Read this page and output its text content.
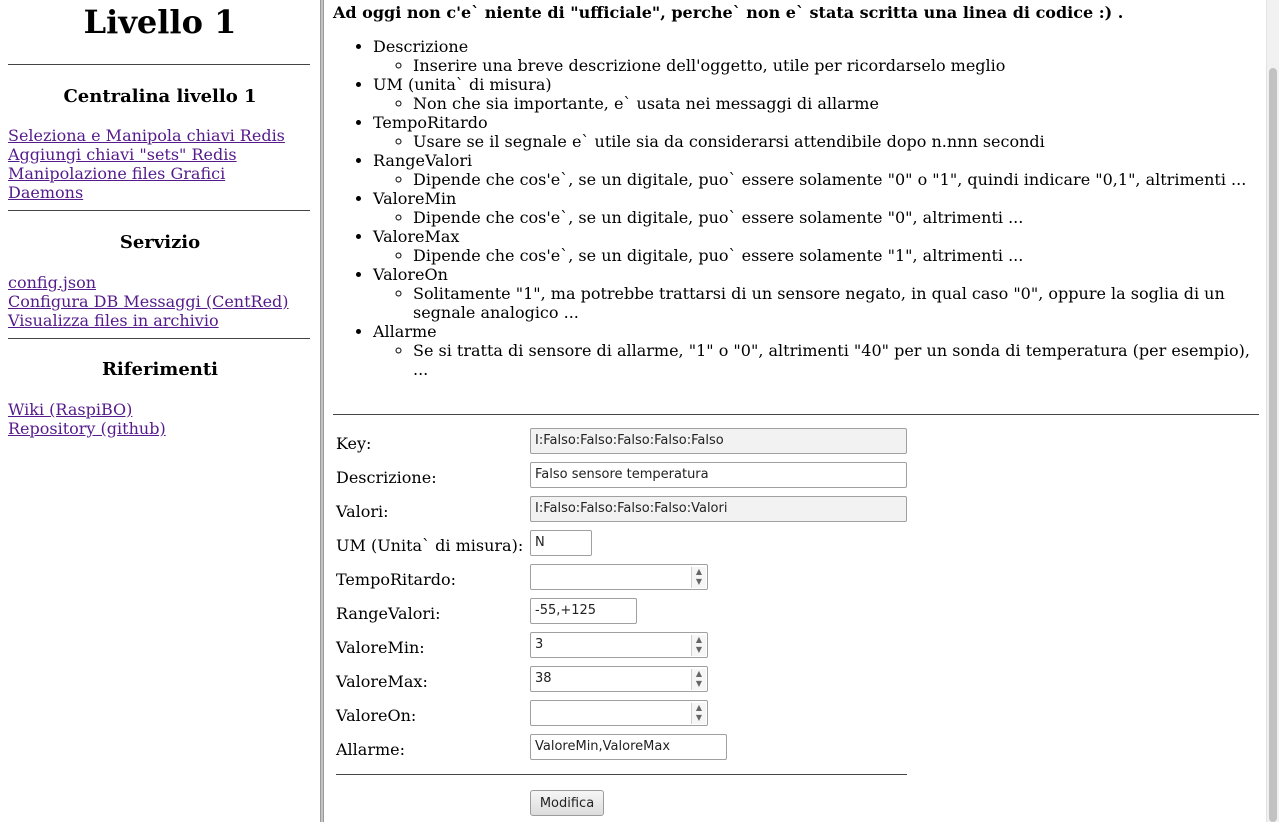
Livello 1
Centralina livello 1
Seleziona e Manipola chiavi Redis
Aggiungi chiavi "sets" Redis
Manipolazione files Grafici
Daemons
Servizio
config.json
Configura DB Messaggi (CentRed)
Visualizza files in archivio
Riferimenti
Wiki (RaspiBO)
Repository (github)

Ad oggi non c'e` niente di "ufficiale", perche` non e` stata scritta una linea di codice :) .

• Descrizione
◦ Inserire una breve descrizione dell'oggetto, utile per ricordarselo meglio
• UM (unita` di misura)
◦ Non che sia importante, e` usata nei messaggi di allarme
• TempoRitardo
◦ Usare se il segnale e` utile sia da considerarsi attendibile dopo n.nnn secondi
• RangeValori
◦ Dipende che cos'e`, se un digitale, puo` essere solamente "0" o "1", quindi indicare "0,1", altrimenti ...
• ValoreMin
◦ Dipende che cos'e`, se un digitale, puo` essere solamente "0", altrimenti ...
• ValoreMax
◦ Dipende che cos'e`, se un digitale, puo` essere solamente "1", altrimenti ...
• ValoreOn
◦ Solitamente "1", ma potrebbe trattarsi di un sensore negato, in qual caso "0", oppure la soglia di un segnale analogico ...
• Allarme
◦ Se si tratta di sensore di allarme, "1" o "0", altrimenti "40" per un sonda di temperatura (per esempio), ...
Key:	I:Falso:Falso:Falso:Falso:Falso
Descrizione:	Falso sensore temperatura
Valori:	I:Falso:Falso:Falso:Falso:Valori
UM (Unita` di misura): N
TempoRitardo:	▲
▼
RangeValori:	-55,+125
ValoreMin:	3	▲
▼
ValoreMax:	38	▲
▼
ValoreOn:	▲
▼
Allarme:	ValoreMin,ValoreMax
Modifica
